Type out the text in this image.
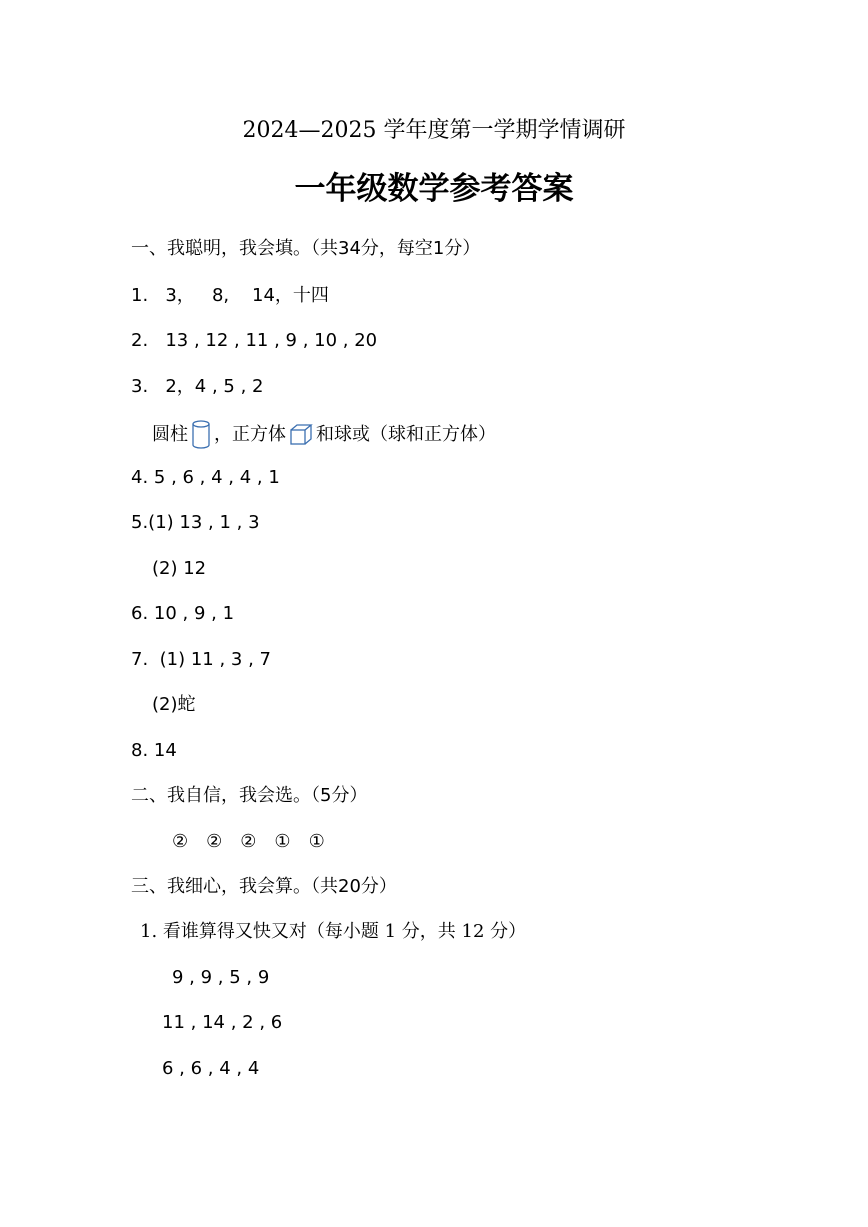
2024—2025 学年度第一学期学情调研
一年级数学参考答案
一、我聪明，我会填。（共34分，每空1分）
1.   3，   8,    14，十四
2.   13 , 12 , 11 , 9 , 10 , 20
3.   2，4 , 5 , 2
圆柱 ，正方体 和球或（球和正方体）
4. 5 , 6 , 4 , 4 , 1
5.(1) 13 , 1 , 3
(2) 12
6. 10 , 9 , 1
7.  (1) 11 , 3 , 7
(2)蛇
8. 14
二、我自信，我会选。（5分）
② ② ② ① ①
三、我细心，我会算。（共20分）
1. 看谁算得又快又对（每小题 1 分，共 12 分）
9 , 9 , 5 , 9
11 , 14 , 2 , 6
6 , 6 , 4 , 4
